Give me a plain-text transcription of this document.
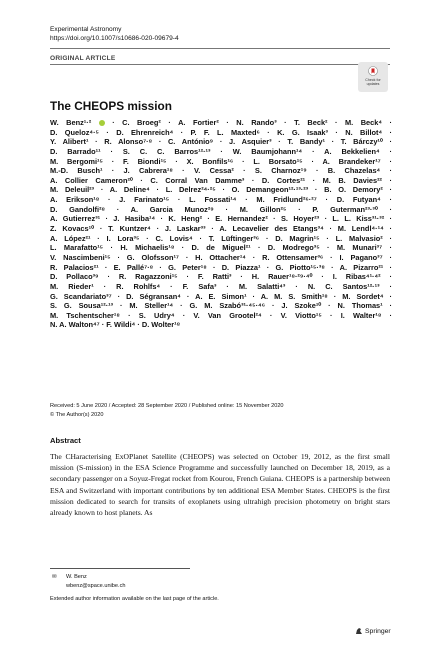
Experimental Astronomy
https://doi.org/10.1007/s10686-020-09679-4
ORIGINAL ARTICLE
Check for
updates
The CHEOPS mission
W. Benz¹·²  · C. Broeg² · A. Fortier² · N. Rando³ · T. Beck² · M. Beck⁴ ·
D. Queloz⁴·⁵ · D. Ehrenreich⁴ · P. F. L. Maxted⁶ · K. G. Isaak³ · N. Billot⁴ ·
Y. Alibert¹ · R. Alonso⁷·⁸ · C. António⁹ · J. Asquier³ · T. Bandy¹ · T. Bárczy¹⁰ ·
D. Barrado¹¹ · S. C. C. Barros¹²·¹³ · W. Baumjohann¹⁴ · A. Bekkelien⁴ ·
M. Bergomi¹⁵ · F. Biondi¹⁵ · X. Bonfils¹⁶ · L. Borsato¹⁵ · A. Brandeker¹⁷ ·
M.-D. Busch¹ · J. Cabrera¹⁸ · V. Cessa² · S. Charnoz¹⁹ · B. Chazelas⁴ ·
A. Collier Cameron²⁰ · C. Corral Van Damme³ · D. Cortes²¹ · M. B. Davies²² ·
M. Deleuil²³ · A. Deline⁴ · L. Delrez²⁴·²⁵ · O. Demangeon¹²·¹³·²³ · B. O. Demory² ·
A. Erikson¹⁸ · J. Farinato¹⁵ · L. Fossati¹⁴ · M. Fridlund²⁶·²⁷ · D. Futyan⁴ ·
D. Gandolfi²⁸ · A. Garcia Munoz²⁹ · M. Gillon²⁵ · P. Guterman²³·³⁰ ·
A. Gutierrez³¹ · J. Hasiba¹⁴ · K. Heng² · E. Hernandez² · S. Hoyer²³ · L. L. Kiss³¹·³² ·
Z. Kovacs¹⁰ · T. Kuntzer⁴ · J. Laskar³³ · A. Lecavelier des Etangs³⁴ · M. Lendl⁴·¹⁴ ·
A. López²¹ · I. Lora³⁵ · C. Lovis⁴ · T. Lüftinger³⁶ · D. Magrin¹⁵ · L. Malvasio² ·
L. Marafatto¹⁵ · H. Michaelis¹⁸ · D. de Miguel²¹ · D. Modrego³⁵ · M. Munari³⁷ ·
V. Nascimbeni¹⁵ · G. Olofsson¹⁷ · H. Ottacher¹⁴ · R. Ottensamer³⁶ · I. Pagano³⁷ ·
R. Palacios²¹ · E. Pallé⁷·⁸ · G. Peter¹⁸ · D. Piazza¹ · G. Piotto¹⁵·³⁸ · A. Pizarro²¹ ·
D. Pollaco³⁹ · R. Ragazzoni¹⁵ · F. Ratti³ · H. Rauer¹⁸·²⁹·⁴⁰ · I. Ribas⁴¹·⁴² ·
M. Rieder¹ · R. Rohlfs⁴ · F. Safa³ · M. Salatti⁴³ · N. C. Santos¹²·¹³ ·
G. Scandariato³⁷ · D. Ségransan⁴ · A. E. Simon¹ · A. M. S. Smith¹⁸ · M. Sordet⁴ ·
S. G. Sousa¹²·¹³ · M. Steller¹⁴ · G. M. Szabó³¹·⁴⁵·⁴⁶ · J. Szoke¹⁰ · N. Thomas¹ ·
M. Tschentscher¹⁸ · S. Udry⁴ · V. Van Grootel²⁴ · V. Viotto¹⁵ · I. Walter¹⁸ ·
N. A. Walton⁴⁷ · F. Wildi⁴ · D. Wolter¹⁸
Received: 5 June 2020 / Accepted: 28 September 2020 / Published online: 15 November 2020
© The Author(s) 2020
Abstract
The CHaracterising ExOPlanet Satellite (CHEOPS) was selected on October 19, 2012, as the first small mission (S-mission) in the ESA Science Programme and successfully launched on December 18, 2019, as a secondary passenger on a Soyuz-Fregat rocket from Kourou, French Guiana. CHEOPS is a partnership between ESA and Switzerland with important contributions by ten additional ESA Member States. CHEOPS is the first mission dedicated to search for transits of exoplanets using ultrahigh precision photometry on bright stars already known to host planets. As
✉ W. Benz
wbenz@space.unibe.ch
Extended author information available on the last page of the article.
Springer
